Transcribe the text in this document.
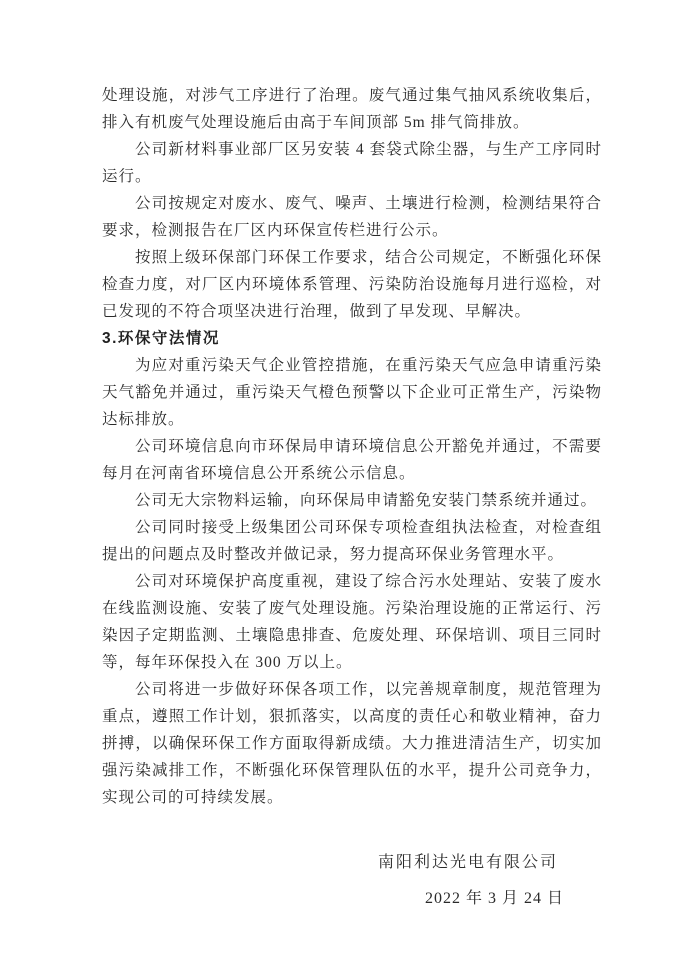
处理设施，对涉气工序进行了治理。废气通过集气抽风系统收集后，排入有机废气处理设施后由高于车间顶部 5m 排气筒排放。

公司新材料事业部厂区另安装 4 套袋式除尘器，与生产工序同时运行。

公司按规定对废水、废气、噪声、土壤进行检测，检测结果符合要求，检测报告在厂区内环保宣传栏进行公示。

按照上级环保部门环保工作要求，结合公司规定，不断强化环保检查力度，对厂区内环境体系管理、污染防治设施每月进行巡检，对已发现的不符合项坚决进行治理，做到了早发现、早解决。

3.环保守法情况

为应对重污染天气企业管控措施，在重污染天气应急申请重污染天气豁免并通过，重污染天气橙色预警以下企业可正常生产，污染物达标排放。

公司环境信息向市环保局申请环境信息公开豁免并通过，不需要每月在河南省环境信息公开系统公示信息。

公司无大宗物料运输，向环保局申请豁免安装门禁系统并通过。

公司同时接受上级集团公司环保专项检查组执法检查，对检查组提出的问题点及时整改并做记录，努力提高环保业务管理水平。

公司对环境保护高度重视，建设了综合污水处理站、安装了废水在线监测设施、安装了废气处理设施。污染治理设施的正常运行、污染因子定期监测、土壤隐患排查、危废处理、环保培训、项目三同时等，每年环保投入在 300 万以上。

公司将进一步做好环保各项工作，以完善规章制度，规范管理为重点，遵照工作计划，狠抓落实，以高度的责任心和敬业精神，奋力拼搏，以确保环保工作方面取得新成绩。大力推进清洁生产，切实加强污染减排工作，不断强化环保管理队伍的水平，提升公司竞争力，实现公司的可持续发展。

南阳利达光电有限公司

2022 年 3 月 24 日
